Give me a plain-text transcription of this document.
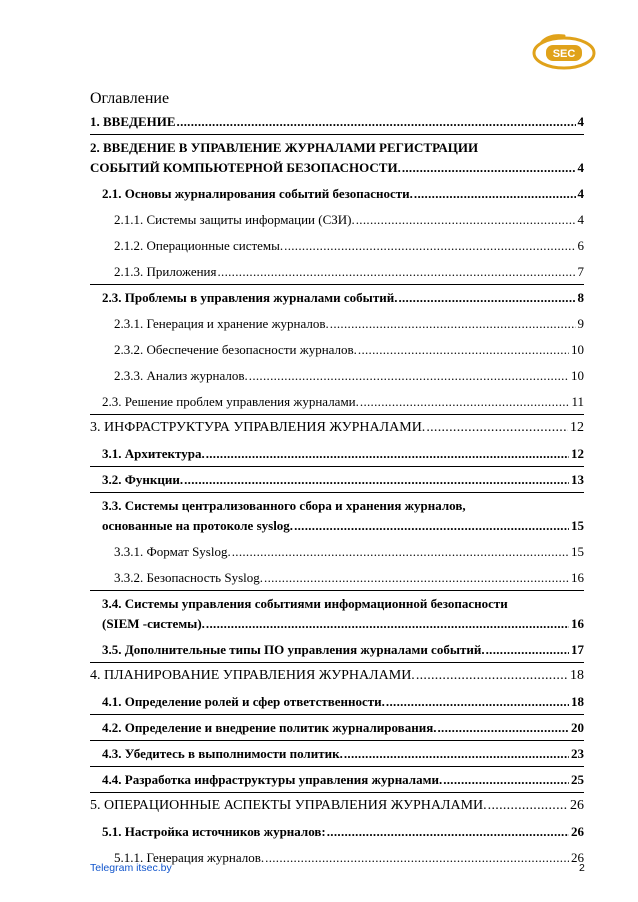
SEC
Оглавление
1. ВВЕДЕНИЕ .....	4
2. ВВЕДЕНИЕ В УПРАВЛЕНИЕ ЖУРНАЛАМИ РЕГИСТРАЦИИ
СОБЫТИЙ КОМПЬЮТЕРНОЙ БЕЗОПАСНОСТИ. .....	4
2.1. Основы журналирования событий безопасности. .....	4
2.1.1. Системы защиты информации (СЗИ). .....	4
2.1.2. Операционные системы. .....	6
2.1.3. Приложения .....	7
2.3. Проблемы в управления журналами событий. .....	8
2.3.1. Генерация и хранение журналов. .....	9
2.3.2. Обеспечение безопасности журналов. .....	10
2.3.3. Анализ журналов. .....	10
2.3. Решение проблем управления журналами. .....	11
3. ИНФРАСТРУКТУРА УПРАВЛЕНИЯ ЖУРНАЛАМИ. .....	12
3.1. Архитектура. .....	12
3.2. Функции. .....	13
3.3. Системы централизованного сбора и хранения журналов,
основанные на протоколе syslog. .....	15
3.3.1. Формат Syslog. .....	15
3.3.2. Безопасность Syslog. .....	16
3.4. Системы управления событиями информационной безопасности
(SIEM -системы). .....	16
3.5. Дополнительные типы ПО управления журналами событий. .....	17
4. ПЛАНИРОВАНИЕ УПРАВЛЕНИЯ ЖУРНАЛАМИ. .....	18
4.1. Определение ролей и сфер ответственности. .....	18
4.2. Определение и внедрение политик журналирования. .....	20
4.3. Убедитесь в выполнимости политик. .....	23
4.4. Разработка инфраструктуры управления журналами. .....	25
5. ОПЕРАЦИОННЫЕ АСПЕКТЫ УПРАВЛЕНИЯ ЖУРНАЛАМИ. .....	26
5.1. Настройка источников журналов: .....	26
5.1.1. Генерация журналов. .....	26
Telegram itsec.by	2
